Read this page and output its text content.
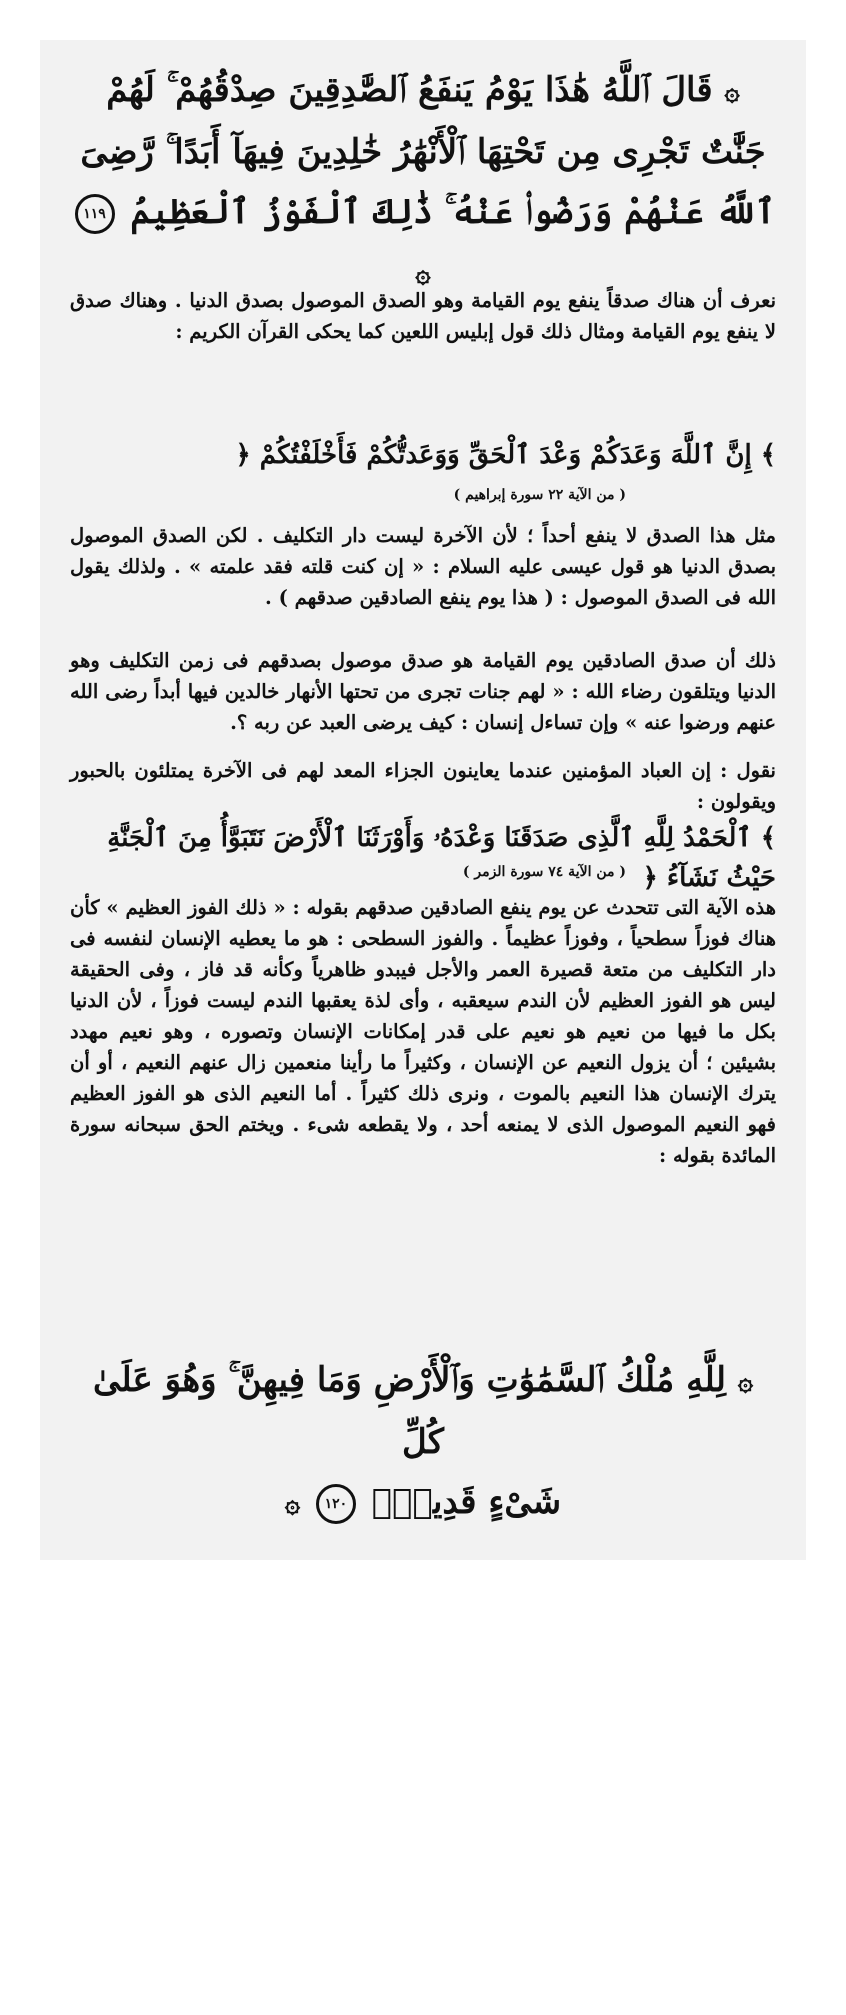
۞ قَالَ ٱللَّهُ هَٰذَا يَوْمُ يَنفَعُ ٱلصَّٰدِقِينَ صِدْقُهُمْ ۚ لَهُمْ
جَنَّٰتٌ تَجْرِى مِن تَحْتِهَا ٱلْأَنْهَٰرُ خَٰلِدِينَ فِيهَآ أَبَدًا ۚ رَّضِىَ
ٱللَّهُ عَنْهُمْ وَرَضُوا۟ عَنْهُ ۚ ذَٰلِكَ ٱلْفَوْزُ ٱلْعَظِيمُ ١١٩ ۞
نعرف أن هناك صدقاً ينفع يوم القيامة وهو الصدق الموصول بصدق الدنيا . وهناك صدق لا ينفع يوم القيامة ومثال ذلك قول إبليس اللعين كما يحكى القرآن الكريم :
﴾ إِنَّ ٱللَّهَ وَعَدَكُمْ وَعْدَ ٱلْحَقِّ وَوَعَدتُّكُمْ فَأَخْلَفْتُكُمْ ﴿
( من الآية ٢٢ سورة إبراهيم )
مثل هذا الصدق لا ينفع أحداً ؛ لأن الآخرة ليست دار التكليف . لكن الصدق الموصول بصدق الدنيا هو قول عيسى عليه السلام : « إن كنت قلته فقد علمته » . ولذلك يقول الله فى الصدق الموصول : ( هذا يوم ينفع الصادقين صدقهم ) .
ذلك أن صدق الصادقين يوم القيامة هو صدق موصول بصدقهم فى زمن التكليف وهو الدنيا ويتلقون رضاء الله : « لهم جنات تجرى من تحتها الأنهار خالدين فيها أبداً رضى الله عنهم ورضوا عنه » وإن تساءل إنسان : كيف يرضى العبد عن ربه ؟.
نقول : إن العباد المؤمنين عندما يعاينون الجزاء المعد لهم فى الآخرة يمتلئون بالحبور ويقولون :
﴾ ٱلْحَمْدُ لِلَّهِ ٱلَّذِى صَدَقَنَا وَعْدَهُۥ وَأَوْرَثَنَا ٱلْأَرْضَ نَتَبَوَّأُ مِنَ ٱلْجَنَّةِ حَيْثُ نَشَآءُ ﴿
( من الآية ٧٤ سورة الزمر )
هذه الآية التى تتحدث عن يوم ينفع الصادقين صدقهم بقوله : « ذلك الفوز العظيم » كأن هناك فوزاً سطحياً ، وفوزاً عظيماً . والفوز السطحى : هو ما يعطيه الإنسان لنفسه فى دار التكليف من متعة قصيرة العمر والأجل فيبدو ظاهرياً وكأنه قد فاز ، وفى الحقيقة ليس هو الفوز العظيم لأن الندم سيعقبه ، وأى لذة يعقبها الندم ليست فوزاً ، لأن الدنيا بكل ما فيها من نعيم هو نعيم على قدر إمكانات الإنسان وتصوره ، وهو نعيم مهدد بشيئين ؛ أن يزول النعيم عن الإنسان ، وكثيراً ما رأينا منعمين زال عنهم النعيم ، أو أن يترك الإنسان هذا النعيم بالموت ، ونرى ذلك كثيراً . أما النعيم الذى هو الفوز العظيم فهو النعيم الموصول الذى لا يمنعه أحد ، ولا يقطعه شىء . ويختم الحق سبحانه سورة المائدة بقوله :
۞ لِلَّهِ مُلْكُ ٱلسَّمَٰوَٰتِ وَٱلْأَرْضِ وَمَا فِيهِنَّ ۚ وَهُوَ عَلَىٰ كُلِّ
شَىْءٍ قَدِيرٌۢ ١٢٠ ۞
